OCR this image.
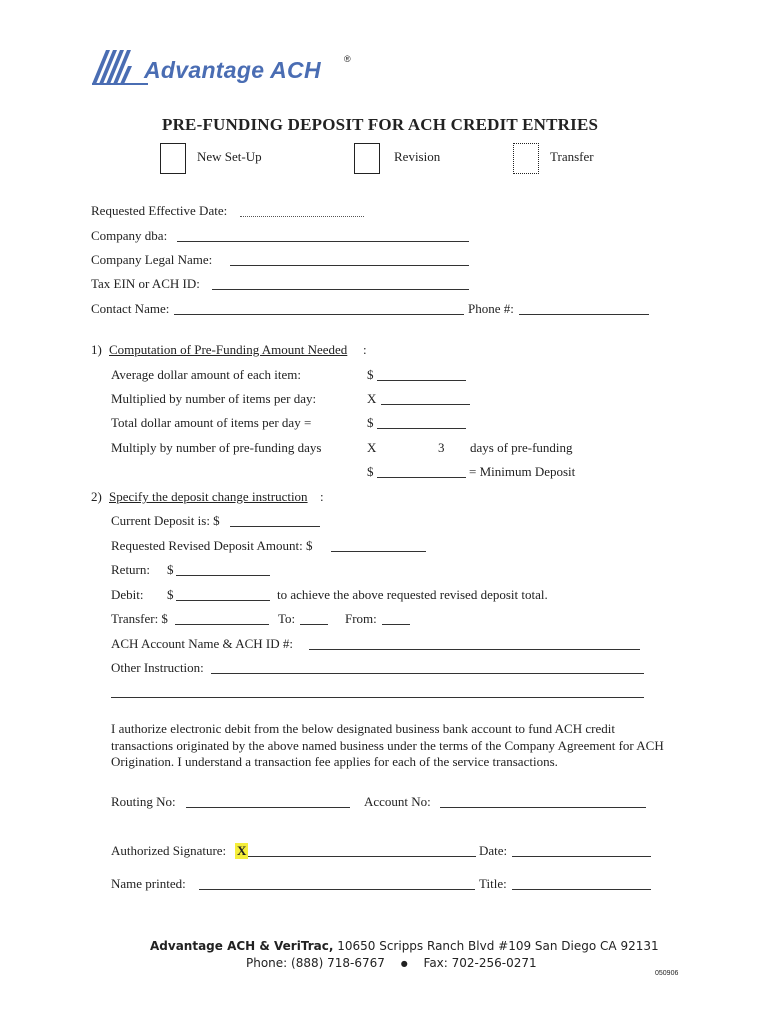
Advantage ACH	®
PRE-FUNDING DEPOSIT FOR ACH CREDIT ENTRIES
New Set-Up	Revision	Transfer
Requested Effective Date:
Company dba:
Company Legal Name:
Tax EIN or ACH ID:
Contact Name:	Phone #:
1) Computation of Pre-Funding Amount Needed :
Average dollar amount of each item:	$
Multiplied by number of items per day:	X
Total dollar amount of items per day =	$
Multiply by number of pre-funding days	X	3 days of pre-funding
$	= Minimum Deposit
2) Specify the deposit change instruction :
Current Deposit is: $
Requested Revised Deposit Amount: $
Return: $
Debit: $	to achieve the above requested revised deposit total.
Transfer: $	To:	From:
ACH Account Name & ACH ID #:
Other Instruction:
I authorize electronic debit from the below designated business bank account to fund ACH credit transactions originated by the above named business under the terms of the Company Agreement for ACH Origination. I understand a transaction fee applies for each of the service transactions.
Routing No:	Account No:
Authorized Signature: X	Date:
Name printed:	Title:
Advantage ACH & VeriTrac, 10650 Scripps Ranch Blvd #109 San Diego CA 92131
Phone: (888) 718-6767 ● Fax: 702-256-0271
050906
